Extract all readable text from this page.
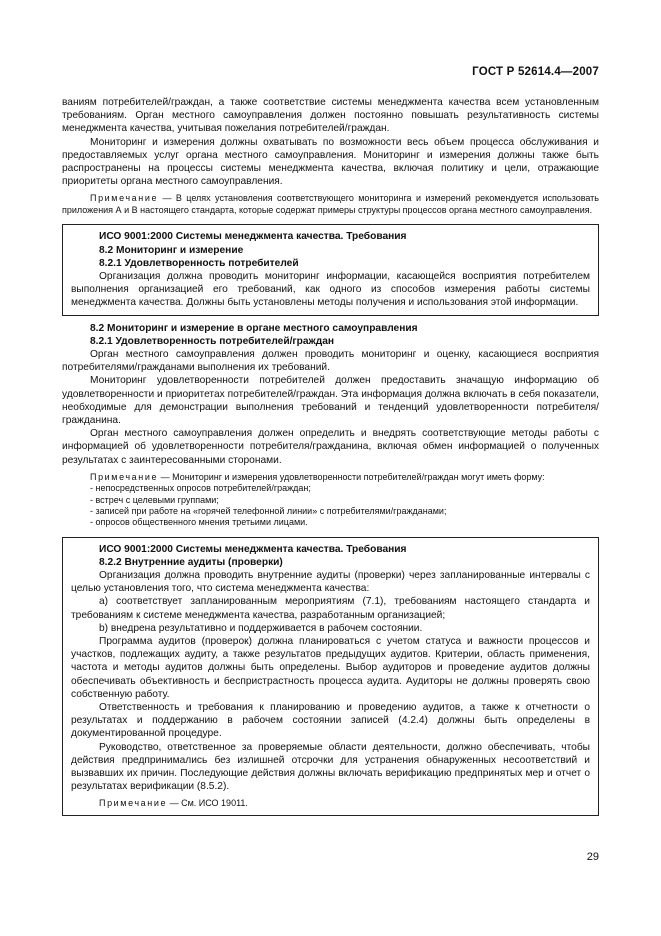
ГОСТ Р 52614.4—2007

ваниям потребителей/граждан, а также соответствие системы менеджмента качества всем установленным требованиям. Орган местного самоуправления должен постоянно повышать результативность системы менеджмента качества, учитывая пожелания потребителей/граждан.

Мониторинг и измерения должны охватывать по возможности весь объем процесса обслуживания и предоставляемых услуг органа местного самоуправления. Мониторинг и измерения должны также быть распространены на процессы системы менеджмента качества, включая политику и цели, отражающие приоритеты органа местного самоуправления.

Примечание — В целях установления соответствующего мониторинга и измерений рекомендуется использовать приложения А и В настоящего стандарта, которые содержат примеры структуры процессов органа местного самоуправления.

ИСО 9001:2000 Системы менеджмента качества. Требования

8.2 Мониторинг и измерение

8.2.1 Удовлетворенность потребителей

Организация должна проводить мониторинг информации, касающейся восприятия потребителем выполнения организацией его требований, как одного из способов измерения работы системы менеджмента качества. Должны быть установлены методы получения и использования этой информации.

8.2 Мониторинг и измерение в органе местного самоуправления

8.2.1 Удовлетворенность потребителей/граждан

Орган местного самоуправления должен проводить мониторинг и оценку, касающиеся восприятия потребителями/гражданами выполнения их требований.

Мониторинг удовлетворенности потребителей должен предоставить значащую информацию об удовлетворенности и приоритетах потребителей/граждан. Эта информация должна включать в себя показатели, необходимые для демонстрации выполнения требований и тенденций удовлетворенности потребителя/гражданина.

Орган местного самоуправления должен определить и внедрять соответствующие методы работы с информацией об удовлетворенности потребителя/гражданина, включая обмен информацией о полученных результатах с заинтересованными сторонами.

Примечание — Мониторинг и измерения удовлетворенности потребителей/граждан могут иметь форму:

- непосредственных опросов потребителей/граждан;
- встреч с целевыми группами;
- записей при работе на «горячей телефонной линии» с потребителями/гражданами;
- опросов общественного мнения третьими лицами.

ИСО 9001:2000 Системы менеджмента качества. Требования

8.2.2 Внутренние аудиты (проверки)

Организация должна проводить внутренние аудиты (проверки) через запланированные интервалы с целью установления того, что система менеджмента качества:

а) соответствует запланированным мероприятиям (7.1), требованиям настоящего стандарта и требованиям к системе менеджмента качества, разработанным организацией;

b) внедрена результативно и поддерживается в рабочем состоянии.

Программа аудитов (проверок) должна планироваться с учетом статуса и важности процессов и участков, подлежащих аудиту, а также результатов предыдущих аудитов. Критерии, область применения, частота и методы аудитов должны быть определены. Выбор аудиторов и проведение аудитов должны обеспечивать объективность и беспристрастность процесса аудита. Аудиторы не должны проверять свою собственную работу.

Ответственность и требования к планированию и проведению аудитов, а также к отчетности о результатах и поддержанию в рабочем состоянии записей (4.2.4) должны быть определены в документированной процедуре.

Руководство, ответственное за проверяемые области деятельности, должно обеспечивать, чтобы действия предпринимались без излишней отсрочки для устранения обнаруженных несоответствий и вызвавших их причин. Последующие действия должны включать верификацию предпринятых мер и отчет о результатах верификации (8.5.2).

Примечание — См. ИСО 19011.

29
